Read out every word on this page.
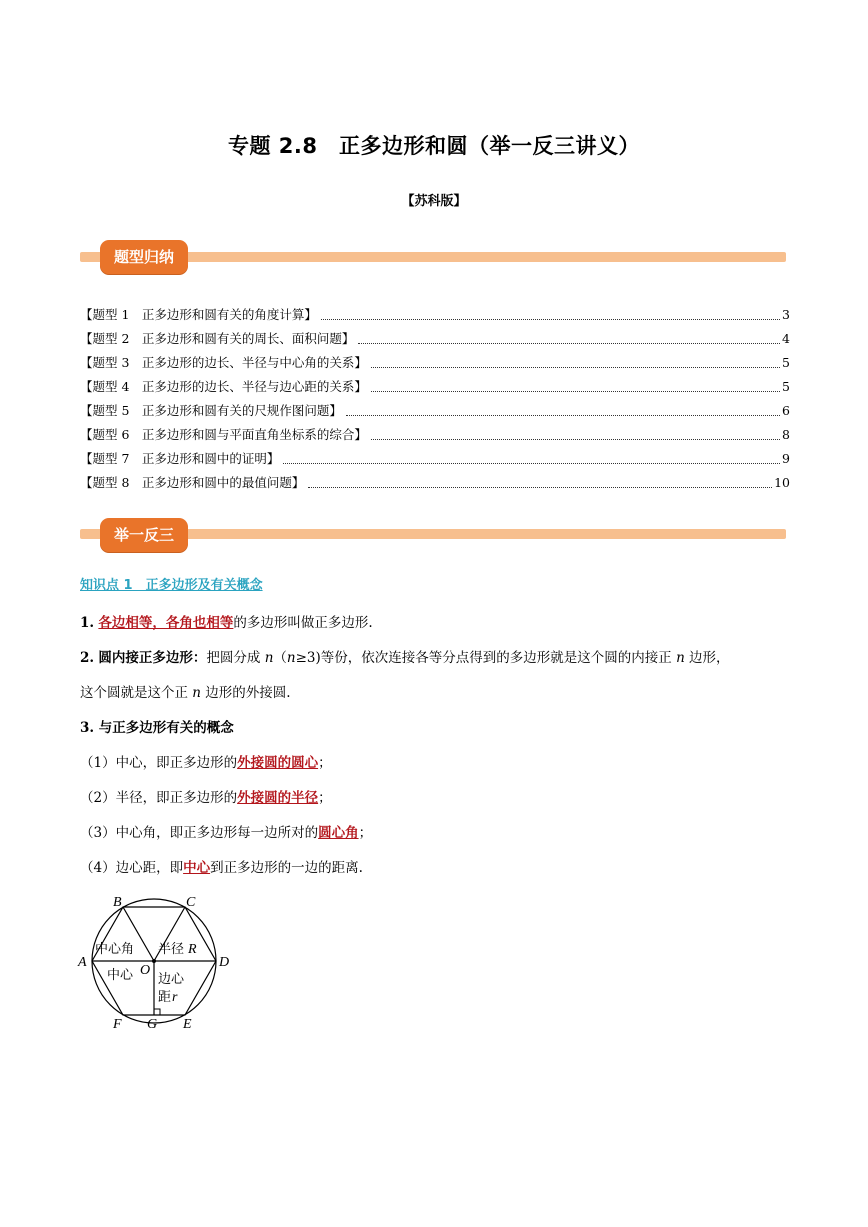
专题 2.8　正多边形和圆（举一反三讲义）
【苏科版】
题型归纳
【题型 1　正多边形和圆有关的角度计算】	3
【题型 2　正多边形和圆有关的周长、面积问题】	4
【题型 3　正多边形的边长、半径与中心角的关系】	5
【题型 4　正多边形的边长、半径与边心距的关系】	5
【题型 5　正多边形和圆有关的尺规作图问题】	6
【题型 6　正多边形和圆与平面直角坐标系的综合】	8
【题型 7　正多边形和圆中的证明】	9
【题型 8　正多边形和圆中的最值问题】	10
举一反三
知识点 1　正多边形及有关概念
1. 各边相等，各角也相等的多边形叫做正多边形.
2. 圆内接正多边形：把圆分成 n（n≥3)等份，依次连接各等分点得到的多边形就是这个圆的内接正 n 边形，
这个圆就是这个正 n 边形的外接圆.
3. 与正多边形有关的概念
（1）中心，即正多边形的外接圆的圆心；
（2）半径，即正多边形的外接圆的半径；
（3）中心角，即正多边形每一边所对的圆心角；
（4）边心距，即中心到正多边形的一边的距离.
B	C
A	D
F G E
O
中心角
中心
半径
边心
距
R
r
